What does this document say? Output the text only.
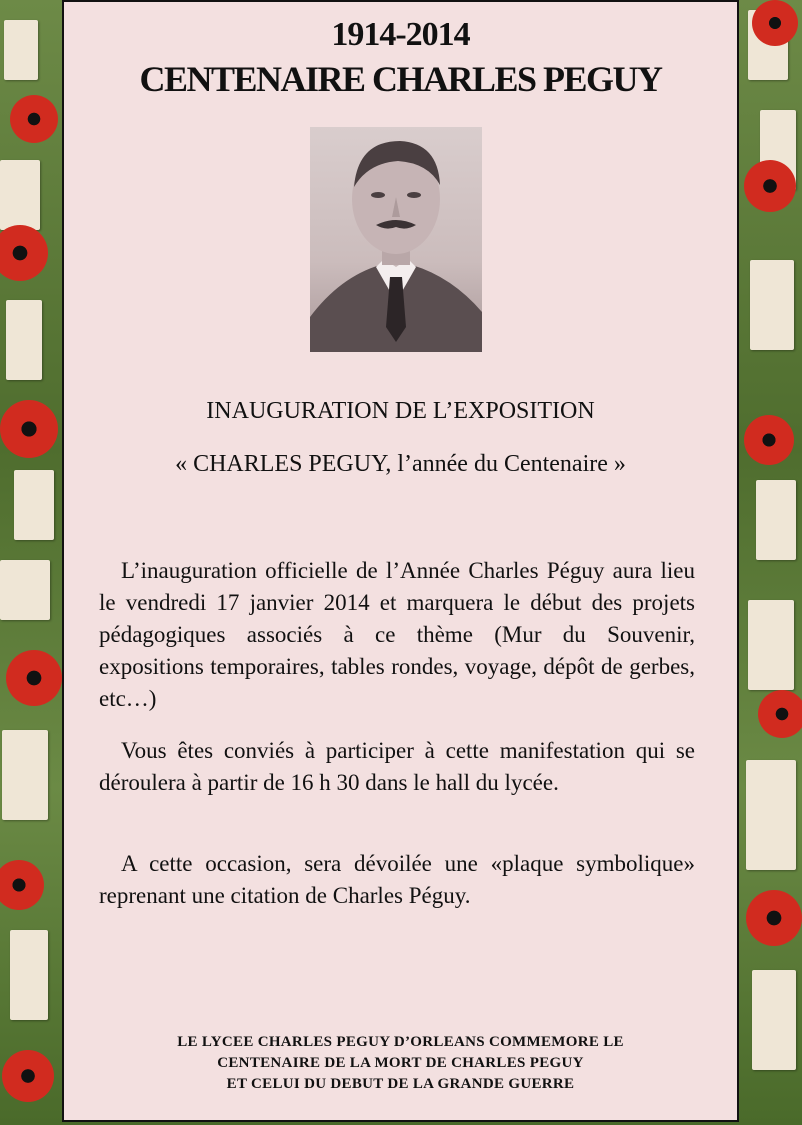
1914-2014
CENTENAIRE CHARLES PEGUY
INAUGURATION DE L’EXPOSITION
« CHARLES PEGUY, l’année du Centenaire »
L’inauguration officielle de l’Année Charles Péguy aura lieu le vendredi 17 janvier 2014 et marquera le début des projets pédagogiques associés à ce thème (Mur du Souvenir, expositions temporaires, tables rondes, voyage, dépôt de gerbes, etc…)
Vous êtes conviés à participer à cette manifestation qui se déroulera à partir de 16 h 30 dans le hall du lycée.
A cette occasion, sera dévoilée une «plaque symbolique» reprenant une citation de Charles Péguy.
LE LYCEE CHARLES PEGUY D’ORLEANS COMMEMORE LE
CENTENAIRE DE LA MORT DE CHARLES PEGUY
ET CELUI DU DEBUT DE LA GRANDE GUERRE
